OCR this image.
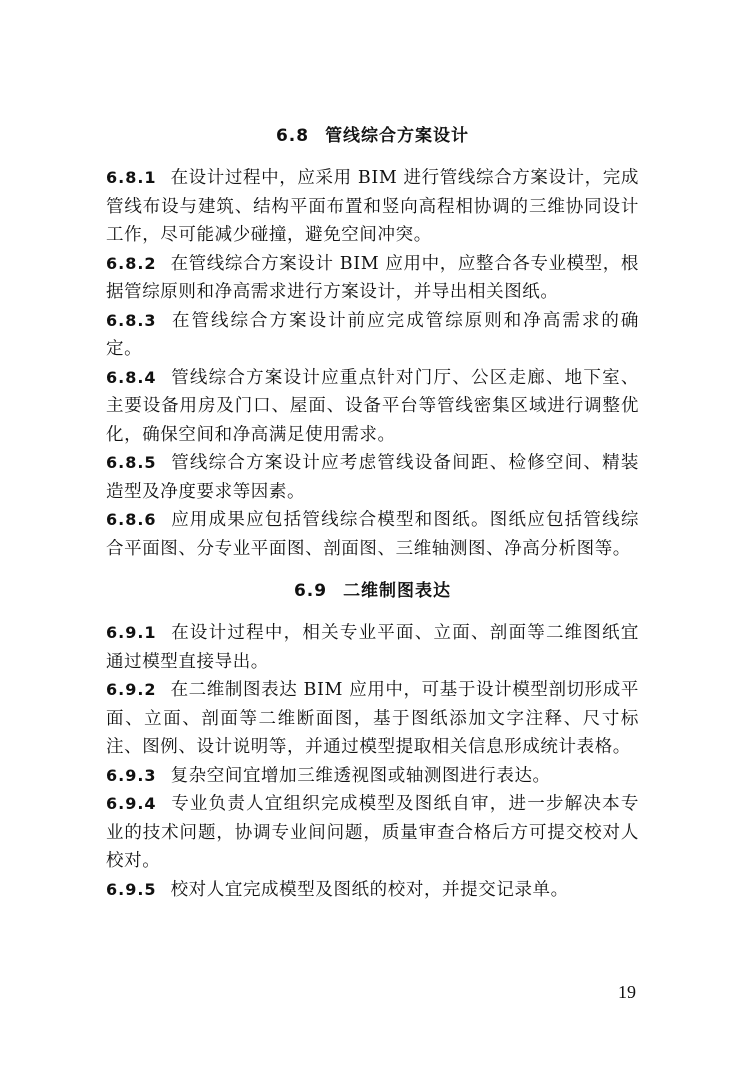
6.8 管线综合方案设计

6.8.1 在设计过程中，应采用 BIM 进行管线综合方案设计，完成管线布设与建筑、结构平面布置和竖向高程相协调的三维协同设计工作，尽可能减少碰撞，避免空间冲突。

6.8.2 在管线综合方案设计 BIM 应用中，应整合各专业模型，根据管综原则和净高需求进行方案设计，并导出相关图纸。

6.8.3 在管线综合方案设计前应完成管综原则和净高需求的确定。

6.8.4 管线综合方案设计应重点针对门厅、公区走廊、地下室、主要设备用房及门口、屋面、设备平台等管线密集区域进行调整优化，确保空间和净高满足使用需求。

6.8.5 管线综合方案设计应考虑管线设备间距、检修空间、精装造型及净度要求等因素。

6.8.6 应用成果应包括管线综合模型和图纸。图纸应包括管线综合平面图、分专业平面图、剖面图、三维轴测图、净高分析图等。

6.9 二维制图表达

6.9.1 在设计过程中，相关专业平面、立面、剖面等二维图纸宜通过模型直接导出。

6.9.2 在二维制图表达 BIM 应用中，可基于设计模型剖切形成平面、立面、剖面等二维断面图，基于图纸添加文字注释、尺寸标注、图例、设计说明等，并通过模型提取相关信息形成统计表格。

6.9.3 复杂空间宜增加三维透视图或轴测图进行表达。

6.9.4 专业负责人宜组织完成模型及图纸自审，进一步解决本专业的技术问题，协调专业间问题，质量审查合格后方可提交校对人校对。

6.9.5 校对人宜完成模型及图纸的校对，并提交记录单。

19
